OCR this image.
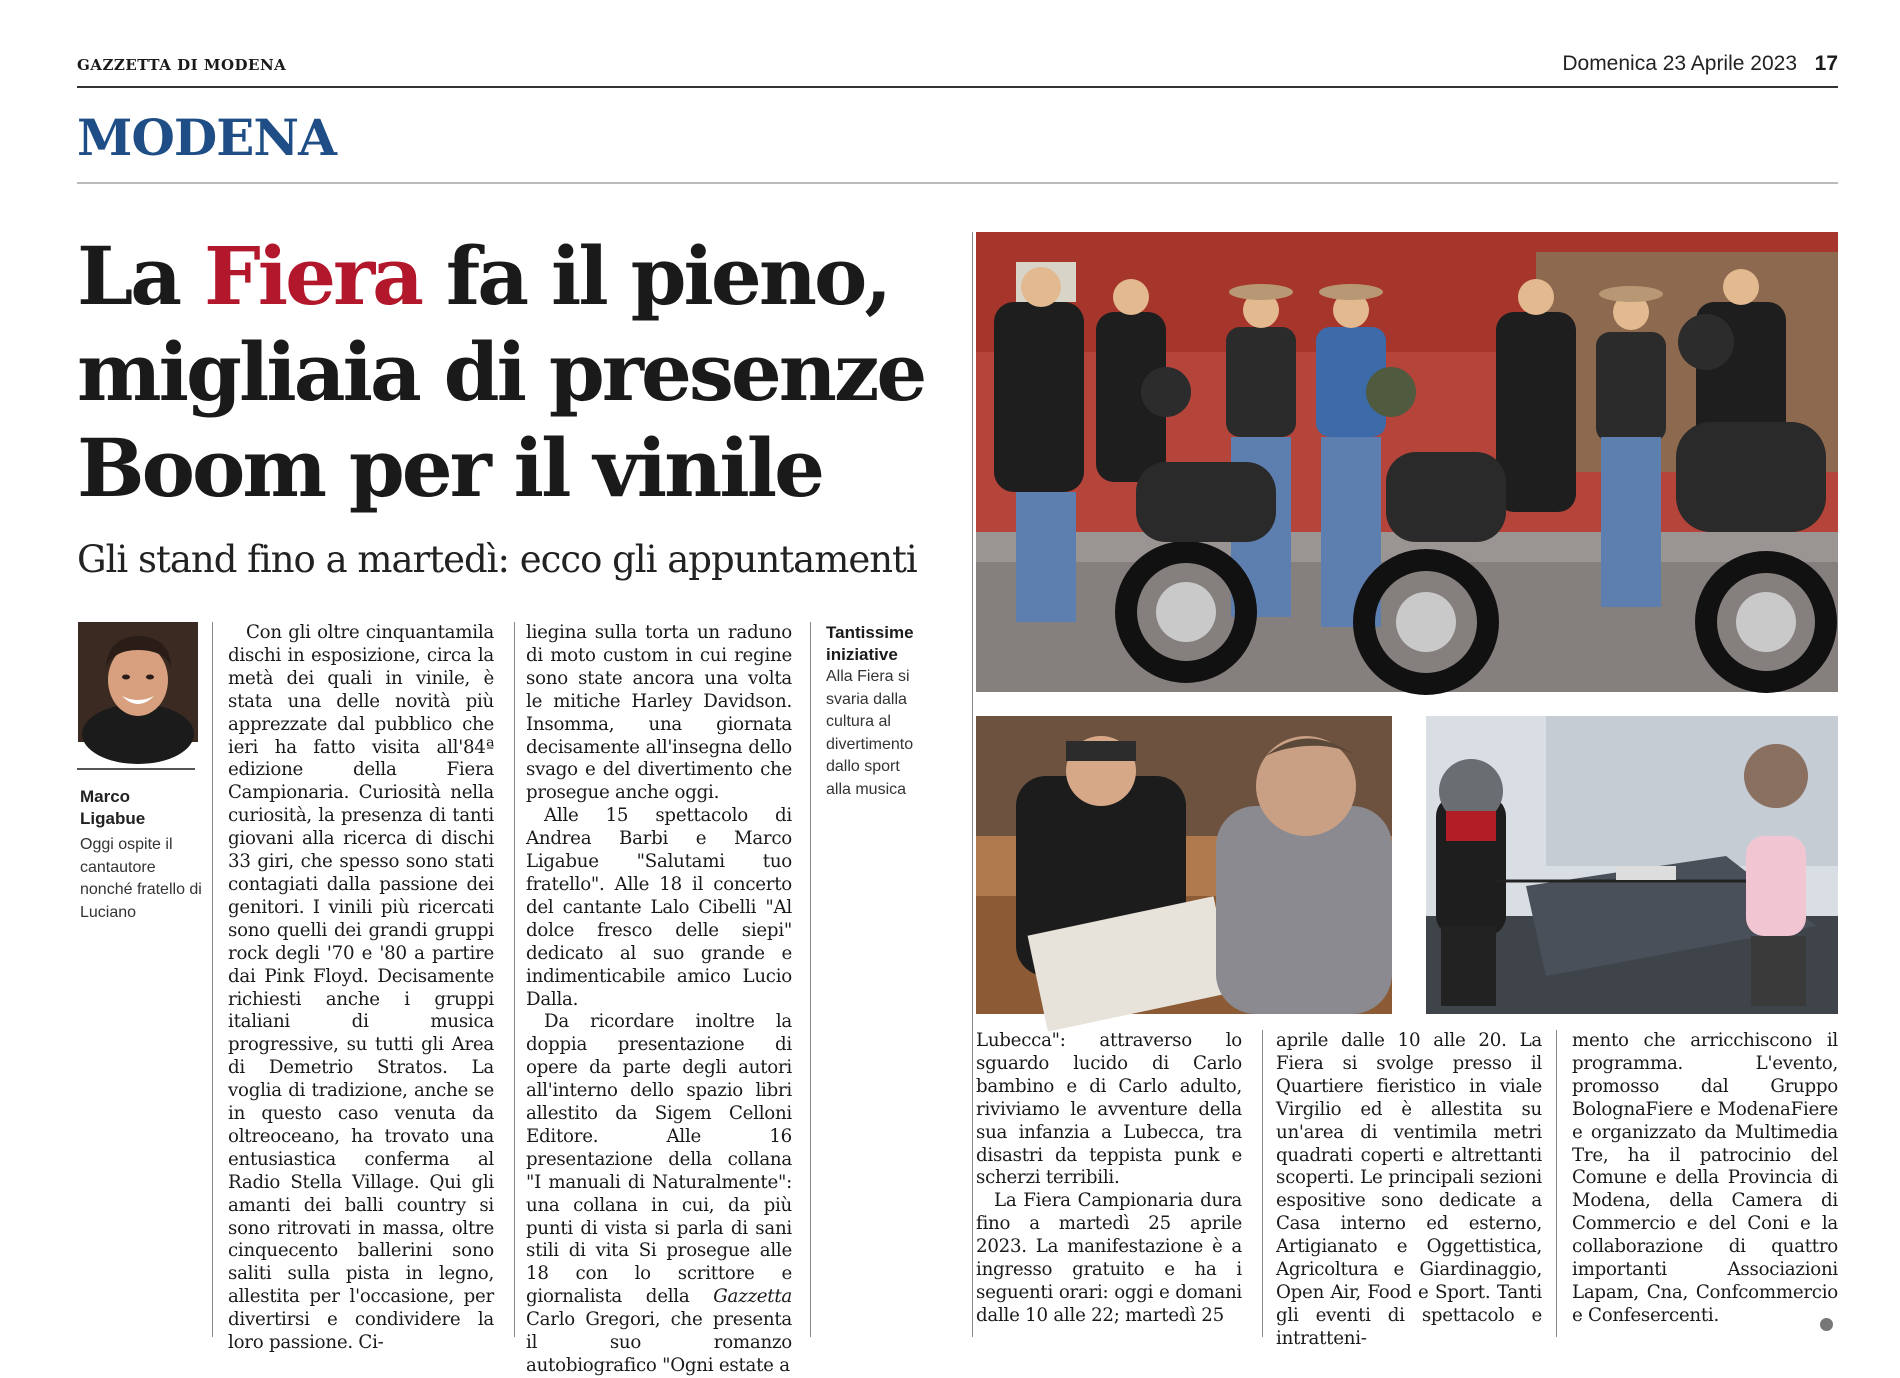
GAZZETTA DI MODENA	Domenica 23 Aprile 2023 17
MODENA
La Fiera fa il pieno, migliaia di presenze Boom per il vinile
Gli stand fino a martedì: ecco gli appuntamenti
Marco Ligabue
Oggi ospite il cantautore nonché fratello di Luciano

Con gli oltre cinquantamila dischi in esposizione, circa la metà dei quali in vinile, è stata una delle novità più apprezzate dal pubblico che ieri ha fatto visita all'84ª edizione della Fiera Campionaria. Curiosità nella curiosità, la presenza di tanti giovani alla ricerca di dischi 33 giri, che spesso sono stati contagiati dalla passione dei genitori. I vinili più ricercati sono quelli dei grandi gruppi rock degli '70 e '80 a partire dai Pink Floyd. Decisamente richiesti anche i gruppi italiani di musica progressive, su tutti gli Area di Demetrio Stratos. La voglia di tradizione, anche se in questo caso venuta da oltreoceano, ha trovato una entusiastica conferma al Radio Stella Village. Qui gli amanti dei balli country si sono ritrovati in massa, oltre cinquecento ballerini sono saliti sulla pista in legno, allestita per l'occasione, per divertirsi e condividere la loro passione. Ci-

liegina sulla torta un raduno di moto custom in cui regine sono state ancora una volta le mitiche Harley Davidson. Insomma, una giornata decisamente all'insegna dello svago e del divertimento che prosegue anche oggi.

Alle 15 spettacolo di Andrea Barbi e Marco Ligabue "Salutami tuo fratello". Alle 18 il concerto del cantante Lalo Cibelli "Al dolce fresco delle siepi" dedicato al suo grande e indimenticabile amico Lucio Dalla.

Da ricordare inoltre la doppia presentazione di opere da parte degli autori all'interno dello spazio libri allestito da Sigem Celloni Editore. Alle 16 presentazione della collana "I manuali di Naturalmente": una collana in cui, da più punti di vista si parla di sani stili di vita Si prosegue alle 18 con lo scrittore e giornalista della Gazzetta Carlo Gregori, che presenta il suo romanzo autobiografico "Ogni estate a

Lubecca": attraverso lo sguardo lucido di Carlo bambino e di Carlo adulto, riviviamo le avventure della sua infanzia a Lubecca, tra disastri da teppista punk e scherzi terribili.

La Fiera Campionaria dura fino a martedì 25 aprile 2023. La manifestazione è a ingresso gratuito e ha i seguenti orari: oggi e domani dalle 10 alle 22; martedì 25

aprile dalle 10 alle 20. La Fiera si svolge presso il Quartiere fieristico in viale Virgilio ed è allestita su un'area di ventimila metri quadrati coperti e altrettanti scoperti. Le principali sezioni espositive sono dedicate a Casa interno ed esterno, Artigianato e Oggettistica, Agricoltura e Giardinaggio, Open Air, Food e Sport. Tanti gli eventi di spettacolo e intratteni-

mento che arricchiscono il programma. L'evento, promosso dal Gruppo BolognaFiere e ModenaFiere e organizzato da Multimedia Tre, ha il patrocinio del Comune e della Provincia di Modena, della Camera di Commercio e del Coni e la collaborazione di quattro importanti Associazioni Lapam, Cna, Confcommercio e Confesercenti.

Tantissime iniziative
Alla Fiera si svaria dalla cultura al divertimento dallo sport alla musica
